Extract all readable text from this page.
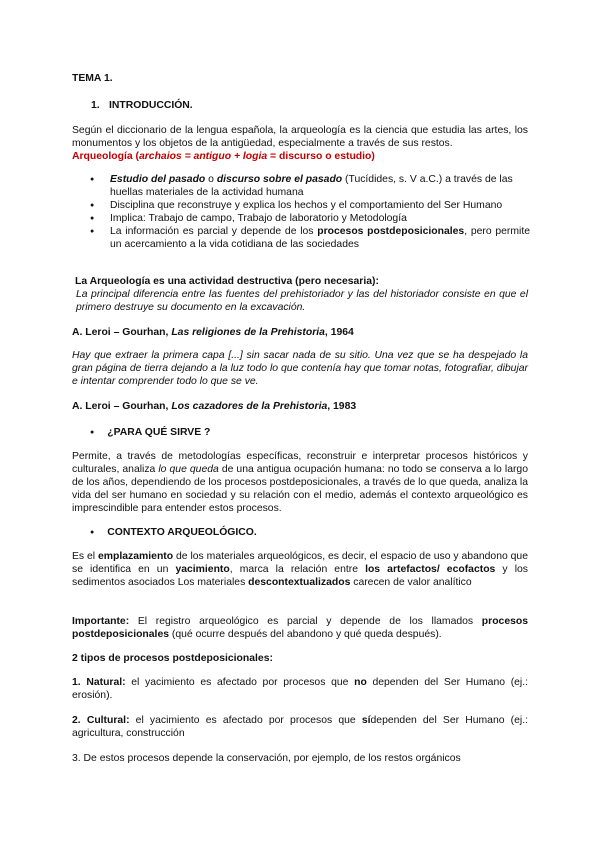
TEMA 1.
1. INTRODUCCIÓN.
Según el diccionario de la lengua española, la arqueología es la ciencia que estudia las artes, los monumentos y los objetos de la antigüedad, especialmente a través de sus restos.
Arqueología (archaios = antiguo + logia = discurso o estudio)
● Estudio del pasado o discurso sobre el pasado (Tucídides, s. V a.C.) a través de las
huellas materiales de la actividad humana
● Disciplina que reconstruye y explica los hechos y el comportamiento del Ser Humano
● Implica: Trabajo de campo, Trabajo de laboratorio y Metodología
● La información es parcial y depende de los procesos postdeposicionales, pero permite un acercamiento a la vida cotidiana de las sociedades
La Arqueología es una actividad destructiva (pero necesaria):
La principal diferencia entre las fuentes del prehistoriador y las del historiador consiste en que el primero destruye su documento en la excavación.
A. Leroi – Gourhan, Las religiones de la Prehistoria, 1964
Hay que extraer la primera capa [...] sin sacar nada de su sitio. Una vez que se ha despejado la gran página de tierra dejando a la luz todo lo que contenía hay que tomar notas, fotografiar, dibujar e intentar comprender todo lo que se ve.
A. Leroi – Gourhan, Los cazadores de la Prehistoria, 1983
● ¿PARA QUÉ SIRVE ?
Permite, a través de metodologías específicas, reconstruir e interpretar procesos históricos y culturales, analiza lo que queda de una antigua ocupación humana: no todo se conserva a lo largo de los años, dependiendo de los procesos postdeposicionales, a través de lo que queda, analiza la vida del ser humano en sociedad y su relación con el medio, además el contexto arqueológico es imprescindible para entender estos procesos.
● CONTEXTO ARQUEOLÓGICO.
Es el emplazamiento de los materiales arqueológicos, es decir, el espacio de uso y abandono que se identifica en un yacimiento, marca la relación entre los artefactos/ ecofactos y los sedimentos asociados Los materiales descontextualizados carecen de valor analítico
Importante: El registro arqueológico es parcial y depende de los llamados procesos postdeposicionales (qué ocurre después del abandono y qué queda después).
2 tipos de procesos postdeposicionales:
1. Natural: el yacimiento es afectado por procesos que no dependen del Ser Humano (ej.: erosión).
2. Cultural: el yacimiento es afectado por procesos que sídependen del Ser Humano (ej.: agricultura, construcción
3. De estos procesos depende la conservación, por ejemplo, de los restos orgánicos
